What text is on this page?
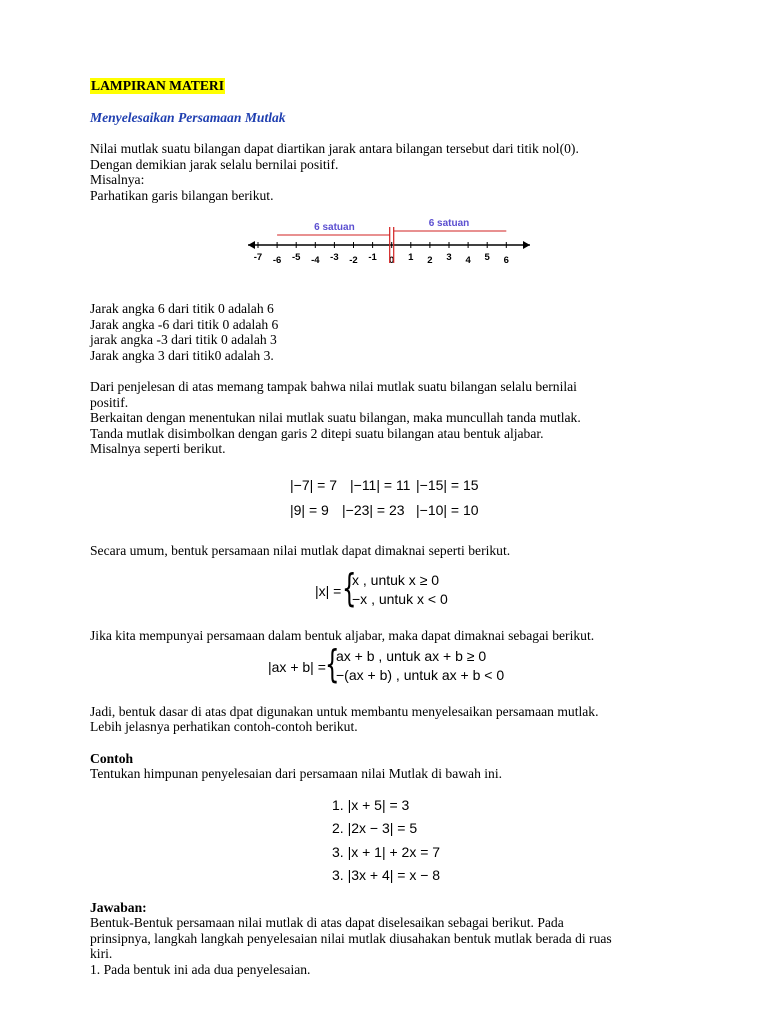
LAMPIRAN MATERI
Menyelesaikan Persamaan Mutlak
Nilai mutlak suatu bilangan dapat diartikan jarak antara bilangan tersebut dari titik nol(0).
Dengan demikian jarak selalu bernilai positif.
Misalnya:
Parhatikan garis bilangan berikut.
-7 -6 -5 -4 -3 -2 -1 0 1 2 3 4 5 6
6 satuan	6 satuan
Jarak angka 6 dari titik 0 adalah 6
Jarak angka -6 dari titik 0 adalah 6
jarak angka -3 dari titik 0 adalah 3
Jarak angka 3 dari titik0 adalah 3.
Dari penjelesan di atas memang tampak bahwa nilai mutlak suatu bilangan selalu bernilai
positif.
Berkaitan dengan menentukan nilai mutlak suatu bilangan, maka muncullah tanda mutlak.
Tanda mutlak disimbolkan dengan garis 2 ditepi suatu bilangan atau bentuk aljabar.
Misalnya seperti berikut.
|−7| = 7 |−11| = 11 |−15| = 15
|9| = 9 |−23| = 23 |−10| = 10
Secara umum, bentuk persamaan nilai mutlak dapat dimaknai seperti berikut.
|x| = {
x , untuk x ≥ 0
−x , untuk x < 0
Jika kita mempunyai persamaan dalam bentuk aljabar, maka dapat dimaknai sebagai berikut.
|ax + b| = {
ax + b , untuk ax + b ≥ 0
−(ax + b) , untuk ax + b < 0
Jadi, bentuk dasar di atas dpat digunakan untuk membantu menyelesaikan persamaan mutlak.
Lebih jelasnya perhatikan contoh-contoh berikut.
Contoh
Tentukan himpunan penyelesaian dari persamaan nilai Mutlak di bawah ini.
1. |x + 5| = 3
2. |2x − 3| = 5
3. |x + 1| + 2x = 7
3. |3x + 4| = x − 8
Jawaban:
Bentuk-Bentuk persamaan nilai mutlak di atas dapat diselesaikan sebagai berikut. Pada
prinsipnya, langkah langkah penyelesaian nilai mutlak diusahakan bentuk mutlak berada di ruas
kiri.
1. Pada bentuk ini ada dua penyelesaian.
